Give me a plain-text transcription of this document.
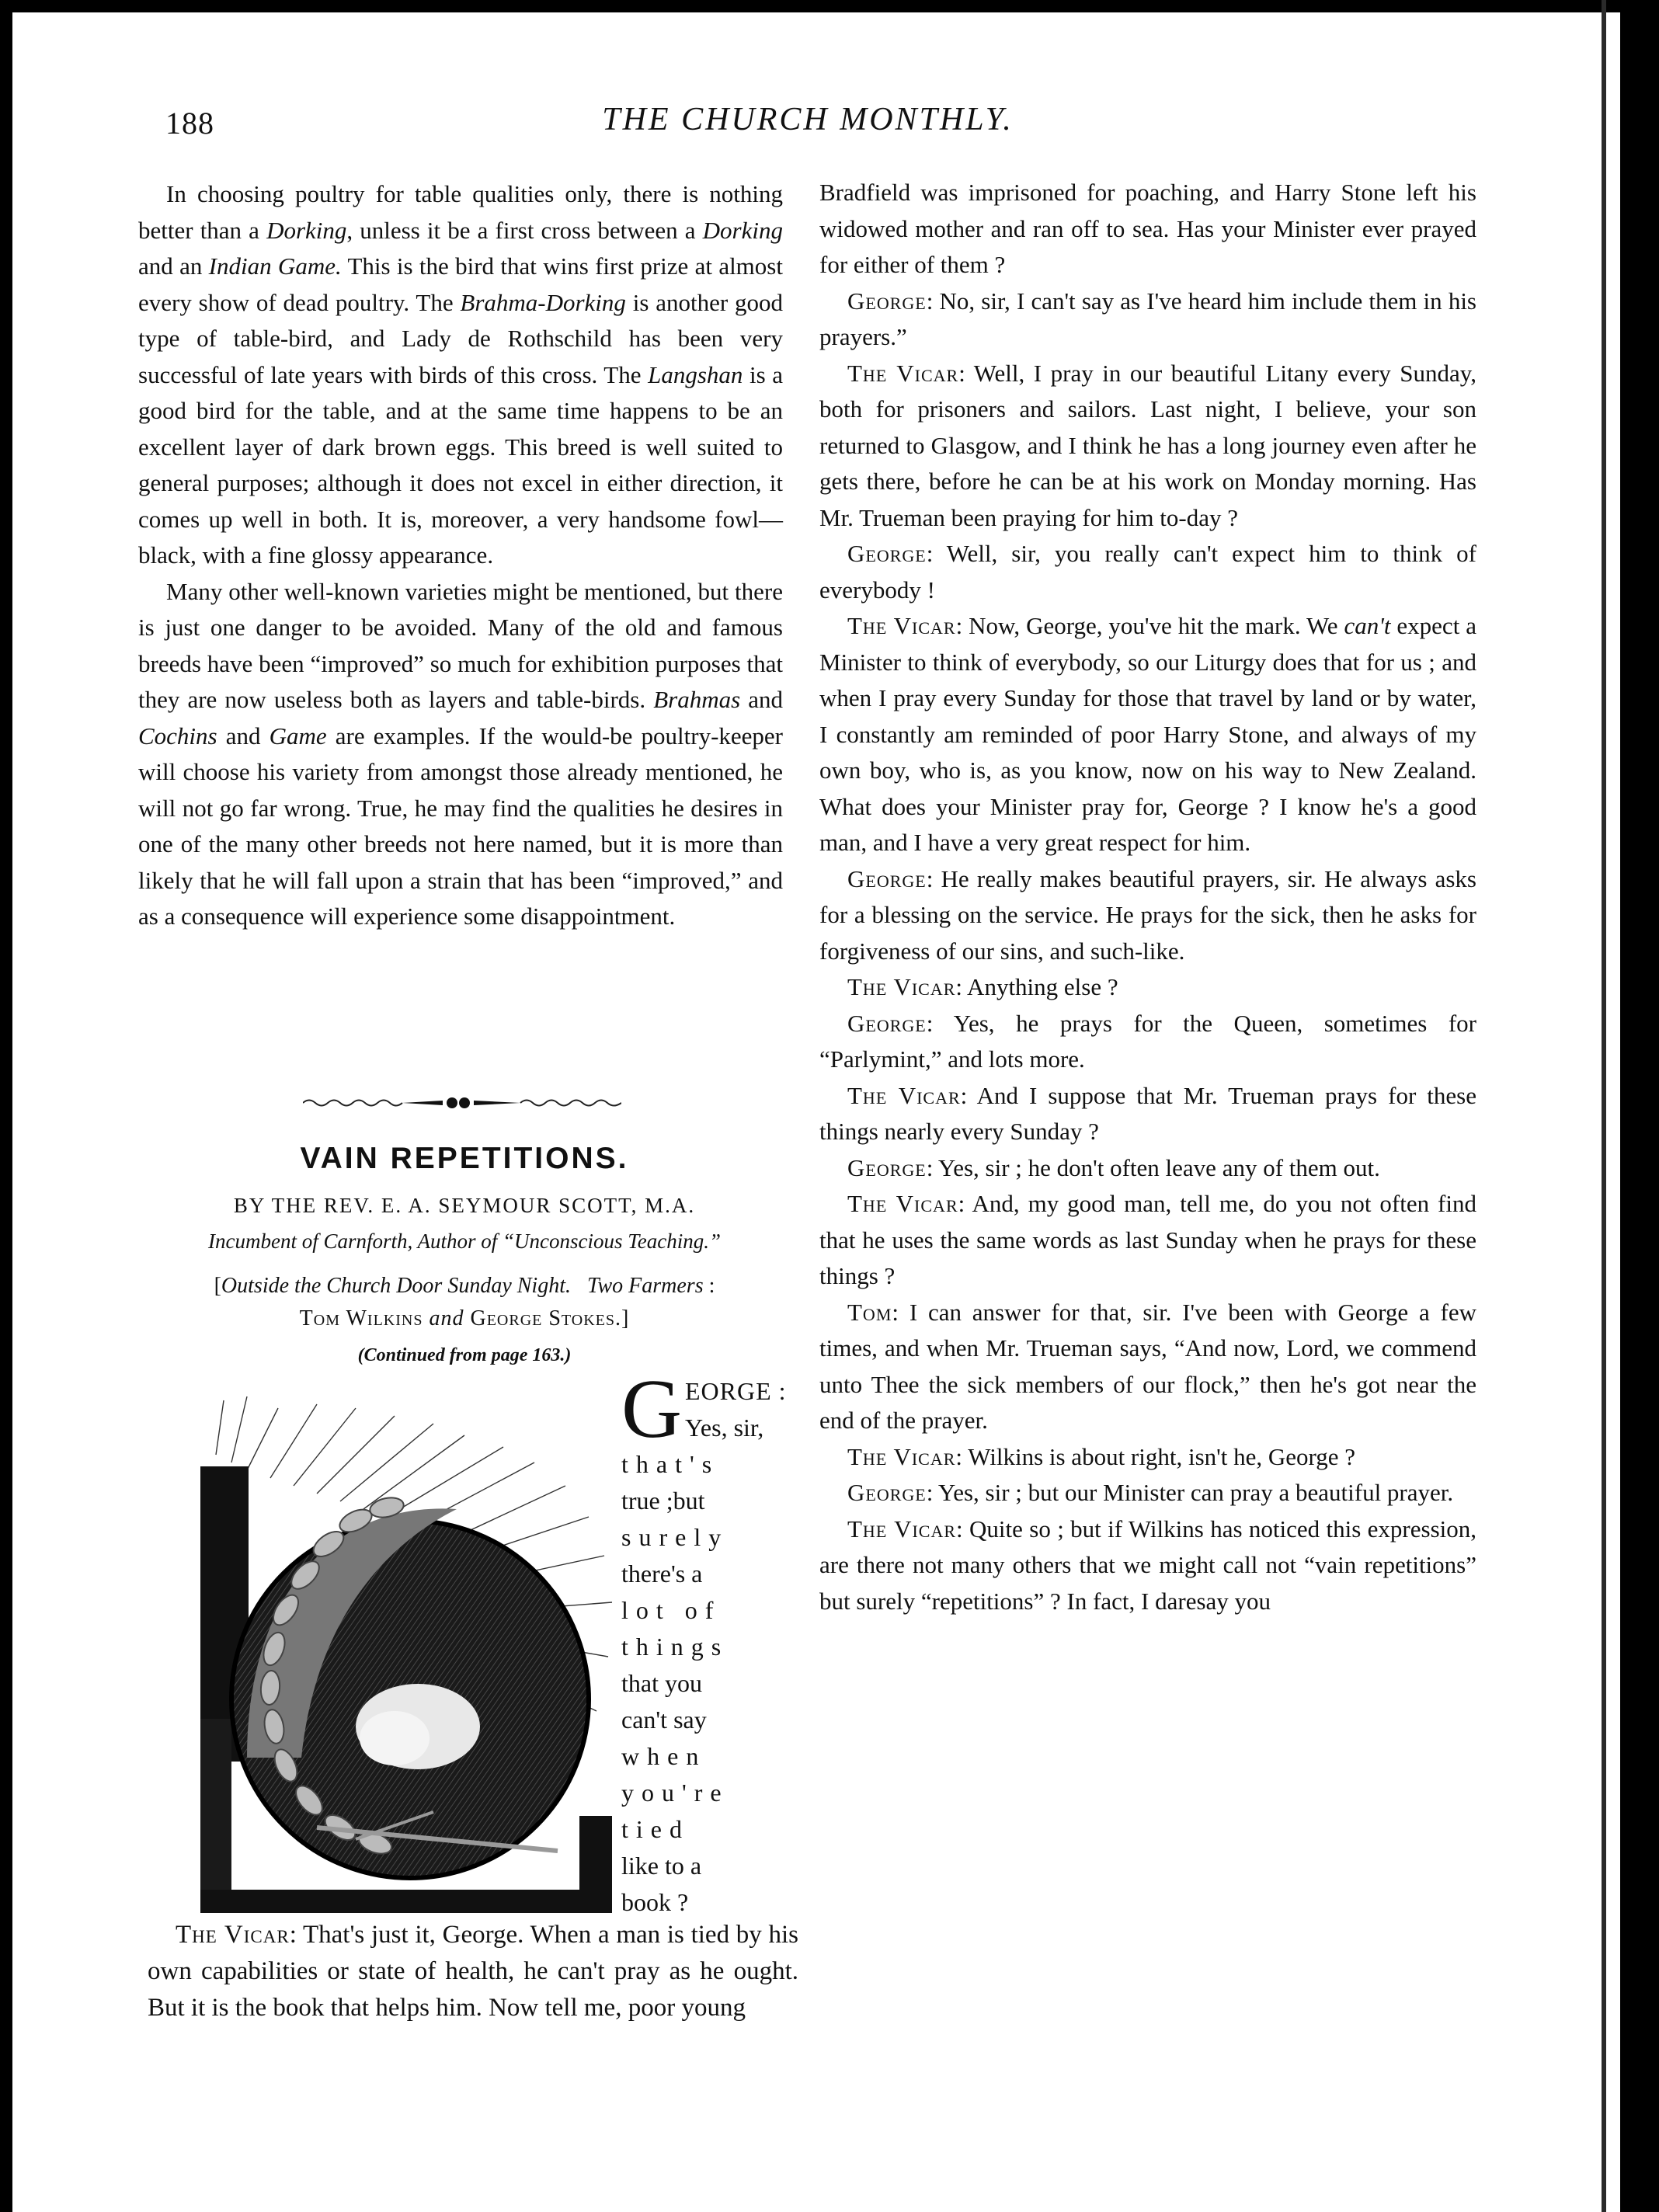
188	THE CHURCH MONTHLY.

In choosing poultry for table qualities only, there is nothing better than a Dorking, unless it be a first cross between a Dorking and an Indian Game. This is the bird that wins first prize at almost every show of dead poultry. The Brahma-Dorking is another good type of table-bird, and Lady de Rothschild has been very successful of late years with birds of this cross. The Langshan is a good bird for the table, and at the same time happens to be an excellent layer of dark brown eggs. This breed is well suited to general purposes; although it does not excel in either direction, it comes up well in both. It is, moreover, a very handsome fowl—black, with a fine glossy appearance.

Many other well-known varieties might be mentioned, but there is just one danger to be avoided. Many of the old and famous breeds have been “improved” so much for exhibition purposes that they are now useless both as layers and table-birds. Brahmas and Cochins and Game are examples. If the would-be poultry-keeper will choose his variety from amongst those already mentioned, he will not go far wrong. True, he may find the qualities he desires in one of the many other breeds not here named, but it is more than likely that he will fall upon a strain that has been “improved,” and as a consequence will experience some disappointment.

VAIN REPETITIONS.
BY THE REV. E. A. SEYMOUR SCOTT, M.A.
Incumbent of Carnforth, Author of “Unconscious Teaching.”
[Outside the Church Door Sunday Night. Two Farmers :
Tom Wilkins and George Stokes.]
(Continued from page 163.)
G EORGE :
Yes, sir,
that's
true ;but
surely
there's a
lot of
things
that you
can't say
when
you're
tied
like to a
book ?

The Vicar: That's just it, George. When a man is tied by his own capabilities or state of health, he can't pray as he ought. But it is the book that helps him. Now tell me, poor young

Bradfield was imprisoned for poaching, and Harry Stone left his widowed mother and ran off to sea. Has your Minister ever prayed for either of them ?

George: No, sir, I can't say as I've heard him include them in his prayers.”

The Vicar: Well, I pray in our beautiful Litany every Sunday, both for prisoners and sailors. Last night, I believe, your son returned to Glasgow, and I think he has a long journey even after he gets there, before he can be at his work on Monday morning. Has Mr. Trueman been praying for him to-day ?

George: Well, sir, you really can't expect him to think of everybody !

The Vicar: Now, George, you've hit the mark. We can't expect a Minister to think of everybody, so our Liturgy does that for us ; and when I pray every Sunday for those that travel by land or by water, I constantly am reminded of poor Harry Stone, and always of my own boy, who is, as you know, now on his way to New Zealand. What does your Minister pray for, George ? I know he's a good man, and I have a very great respect for him.

George: He really makes beautiful prayers, sir. He always asks for a blessing on the service. He prays for the sick, then he asks for forgiveness of our sins, and such-like.

The Vicar: Anything else ?

George: Yes, he prays for the Queen, sometimes for “Parlymint,” and lots more.

The Vicar: And I suppose that Mr. Trueman prays for these things nearly every Sunday ?

George: Yes, sir ; he don't often leave any of them out.

The Vicar: And, my good man, tell me, do you not often find that he uses the same words as last Sunday when he prays for these things ?

Tom: I can answer for that, sir. I've been with George a few times, and when Mr. Trueman says, “And now, Lord, we commend unto Thee the sick members of our flock,” then he's got near the end of the prayer.

The Vicar: Wilkins is about right, isn't he, George ?

George: Yes, sir ; but our Minister can pray a beautiful prayer.

The Vicar: Quite so ; but if Wilkins has noticed this expression, are there not many others that we might call not “vain repetitions” but surely “repetitions” ? In fact, I daresay you
